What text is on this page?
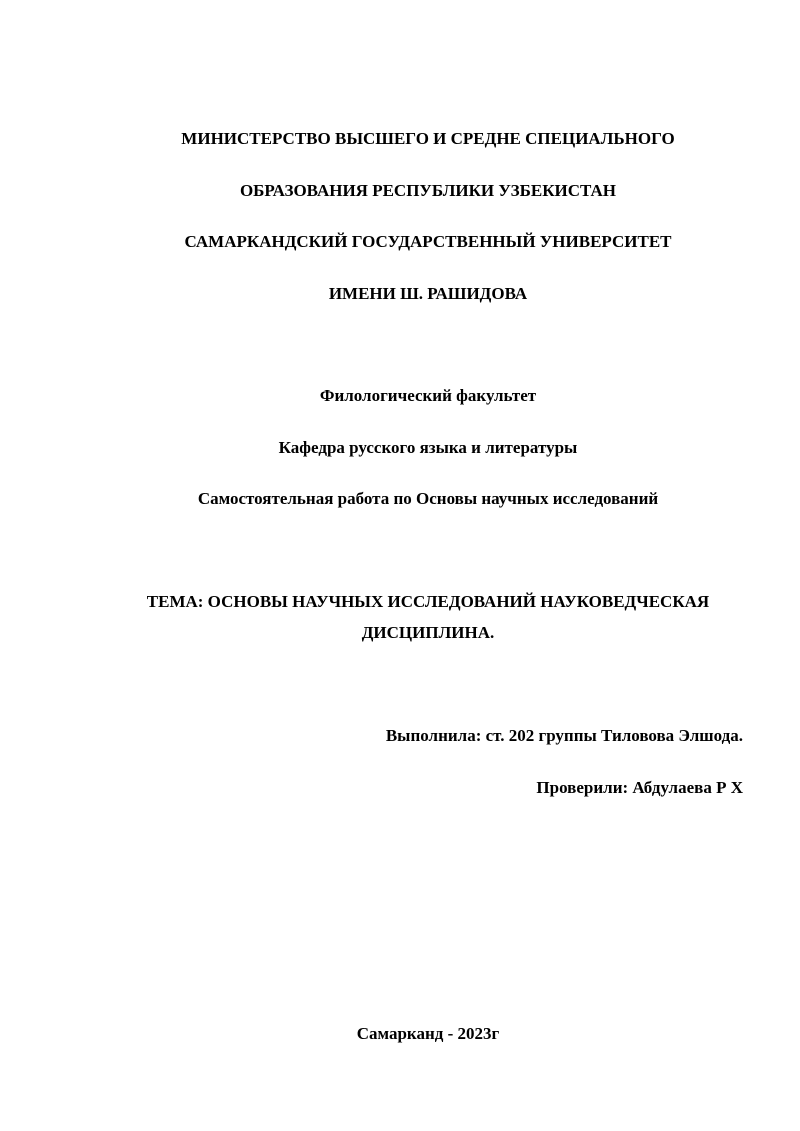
МИНИСТЕРСТВО ВЫСШЕГО И СРЕДНЕ СПЕЦИАЛЬНОГО
ОБРАЗОВАНИЯ РЕСПУБЛИКИ УЗБЕКИСТАН
САМАРКАНДСКИЙ ГОСУДАРСТВЕННЫЙ УНИВЕРСИТЕТ
ИМЕНИ Ш. РАШИДОВА
Филологический факультет
Кафедра русского языка и литературы
Самостоятельная работа по Основы научных исследований
ТЕМА: ОСНОВЫ НАУЧНЫХ ИССЛЕДОВАНИЙ НАУКОВЕДЧЕСКАЯ
ДИСЦИПЛИНА.
Выполнила: ст. 202 группы Тиловова Элшода.
Проверили: Абдулаева Р Х
Самарканд - 2023г
